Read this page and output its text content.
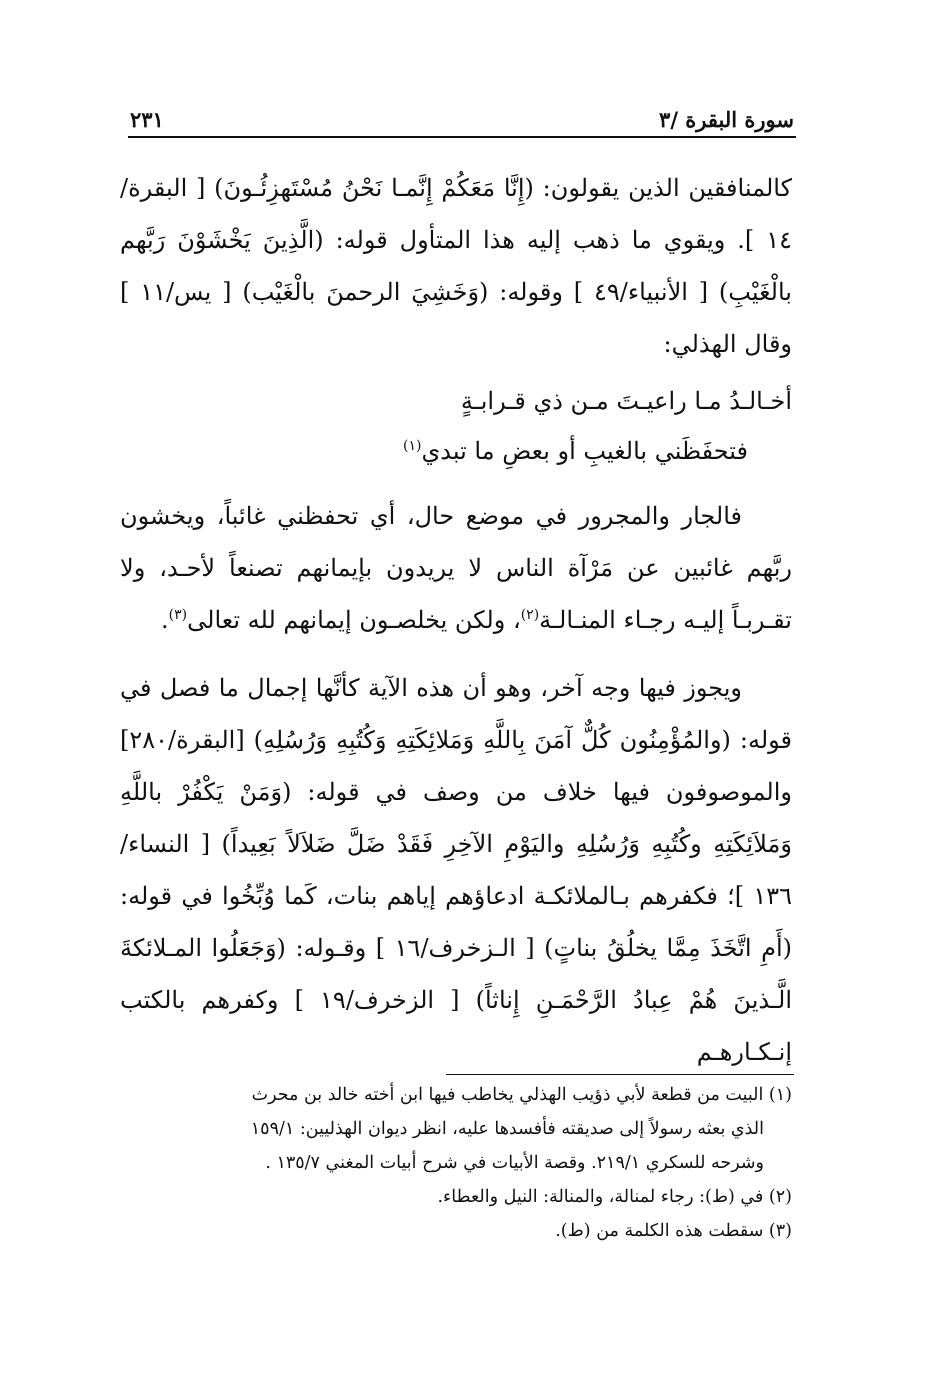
سورة البقرة /٣
٢٣١

كالمنافقين الذين يقولون: (إِنَّا مَعَكُمْ إِنَّمـا نَحْنُ مُسْتَهزِئُـونَ) [ البقرة/١٤ ]. ويقوي ما ذهب إليه هذا المتأول قوله: (الَّذِينَ يَخْشَوْنَ رَبَّهم بالْغَيْبِ) [ الأنبياء/٤٩ ] وقوله: (وَخَشِيَ الرحمنَ بالْغَيْب) [ يس/١١ ] وقال الهذلي:

أخـالـدُ مـا راعيـتَ مـن ذي قـرابـةٍ
فتحفَظَني بالغيبِ أو بعضِ ما تبدي$^{(١)}$

فالجار والمجرور في موضع حال، أي تحفظني غائباً، ويخشون ربَّهم غائبين عن مَرْآة الناس لا يريدون بإيمانهم تصنعاً لأحـد، ولا تقـربـاً إليـه رجـاء المنـالـة$^{(٢)}$، ولكن يخلصـون إيمانهم لله تعالى$^{(٣)}$.

ويجوز فيها وجه آخر، وهو أن هذه الآية كأنَّها إجمال ما فصل في قوله: (والمُؤْمِنُون كُلٌّ آمَنَ بِاللَّهِ وَمَلائِكَتِهِ وَكُتُبِهِ وَرُسُلِهِ) [البقرة/٢٨٠] والموصوفون فيها خلاف من وصف في قوله: (وَمَنْ يَكْفُرْ باللَّهِ وَمَلاَئِكَتِهِ وكُتُبِهِ وَرُسُلِهِ واليَوْمِ الآخِرِ فَقَدْ ضَلَّ ضَلاَلاً بَعِيداً) [ النساء/١٣٦ ]؛ فكفرهم بـالملائكـة ادعاؤهم إياهم بنات، كَما وُبِّخُوا في قوله: (أَمِ اتَّخَذَ مِمَّا يخلُقُ بناتٍ) [ الـزخرف/١٦ ] وقـوله: (وَجَعَلُوا المـلائكةَ الَّـذينَ هُمْ عِبادُ الرَّحْمَـنِ إِناثاً) [ الزخرف/١٩ ] وكفرهم بالكتب إنـكـارهـم

(١) البيت من قطعة لأبي ذؤيب الهذلي يخاطب فيها ابن أخته خالد بن محرث

الذي بعثه رسولاً إلى صديقته فأفسدها عليه، انظر ديوان الهذليين: ١٥٩/١

وشرحه للسكري ٢١٩/١. وقصة الأبيات في شرح أبيات المغني ١٣٥/٧ .

(٢) في (ط): رجاء لمنالة، والمنالة: النيل والعطاء.

(٣) سقطت هذه الكلمة من (ط).
